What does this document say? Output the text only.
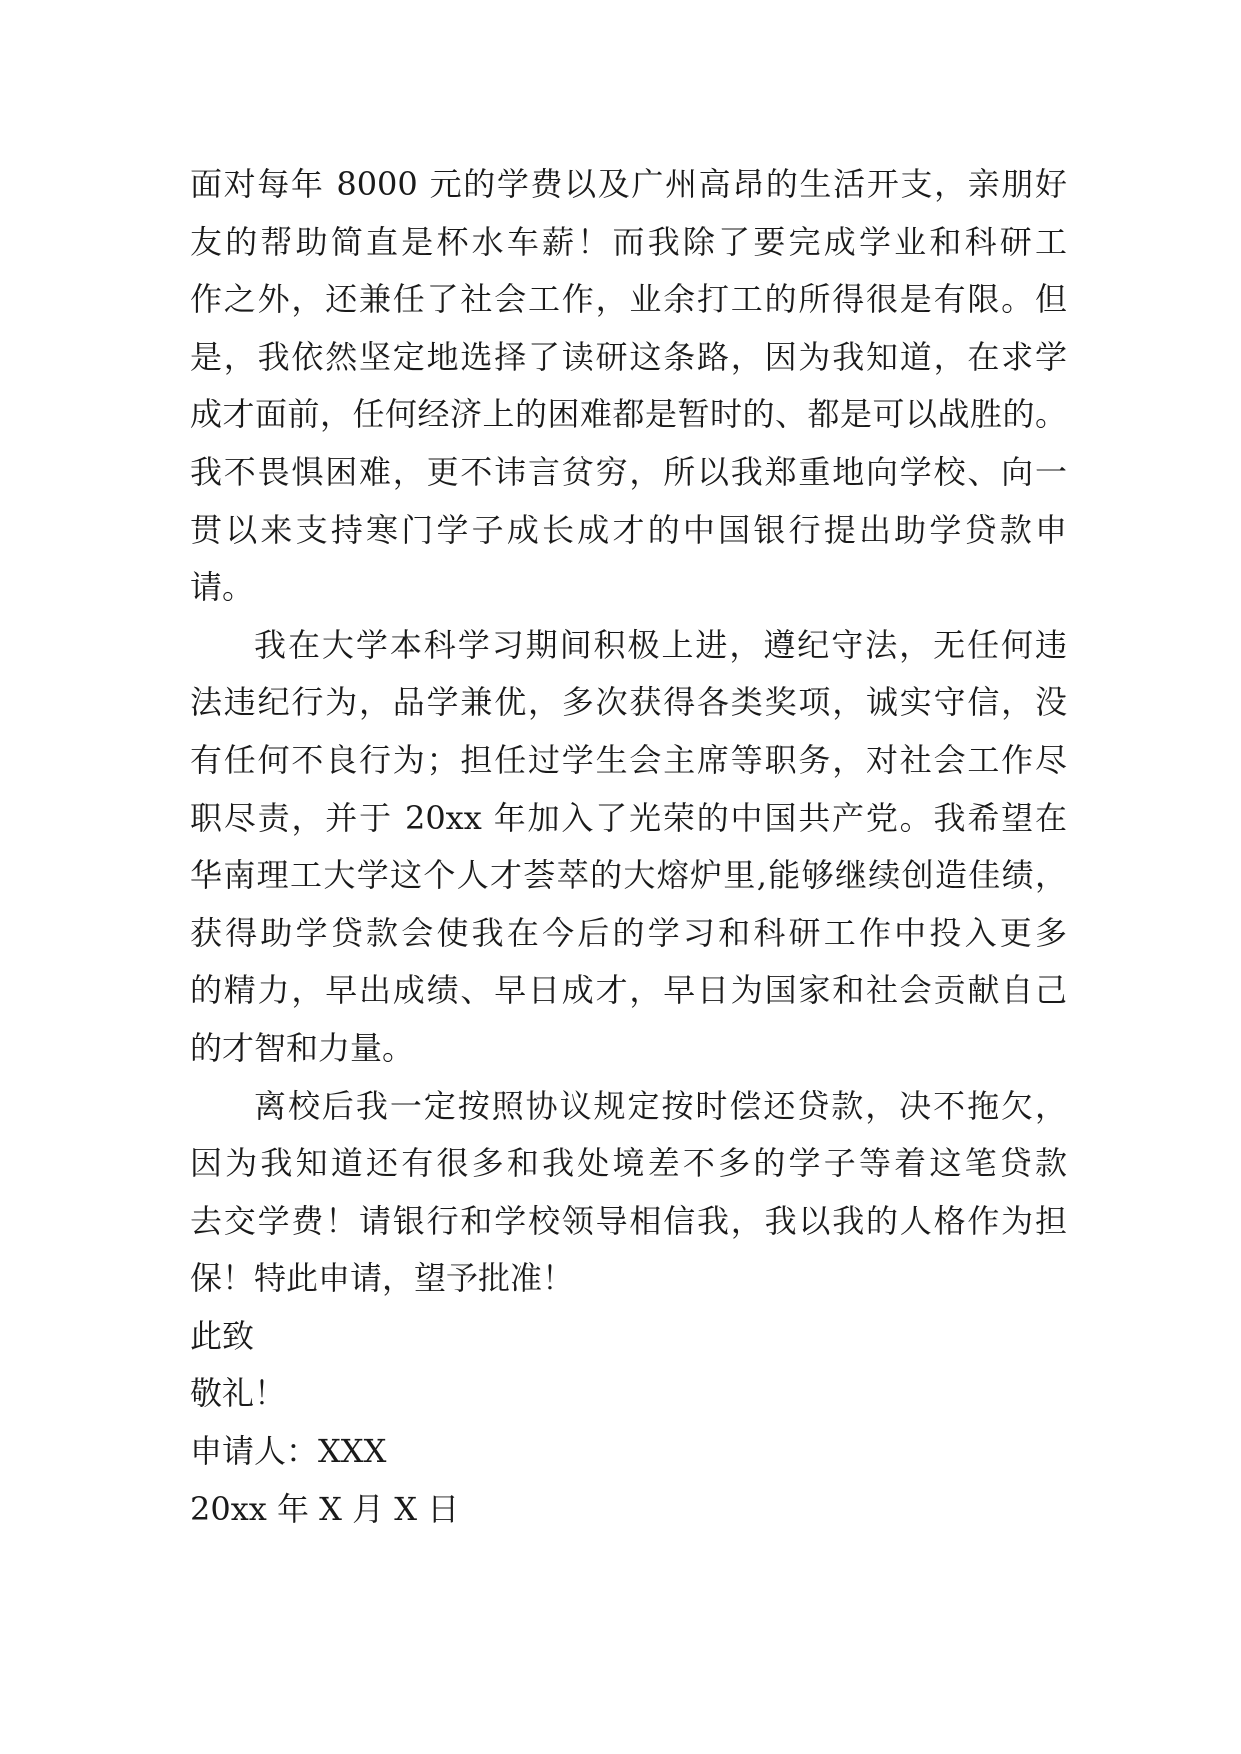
面对每年 8000 元的学费以及广州高昂的生活开支，亲朋好
友的帮助简直是杯水车薪！而我除了要完成学业和科研工
作之外，还兼任了社会工作，业余打工的所得很是有限。但
是，我依然坚定地选择了读研这条路，因为我知道，在求学
成才面前，任何经济上的困难都是暂时的、都是可以战胜的。
我不畏惧困难，更不讳言贫穷，所以我郑重地向学校、向一
贯以来支持寒门学子成长成才的中国银行提出助学贷款申
请。
我在大学本科学习期间积极上进，遵纪守法，无任何违
法违纪行为，品学兼优，多次获得各类奖项，诚实守信，没
有任何不良行为；担任过学生会主席等职务，对社会工作尽
职尽责，并于 20xx 年加入了光荣的中国共产党。我希望在
华南理工大学这个人才荟萃的大熔炉里,能够继续创造佳绩，
获得助学贷款会使我在今后的学习和科研工作中投入更多
的精力，早出成绩、早日成才，早日为国家和社会贡献自己
的才智和力量。
离校后我一定按照协议规定按时偿还贷款，决不拖欠，
因为我知道还有很多和我处境差不多的学子等着这笔贷款
去交学费！请银行和学校领导相信我，我以我的人格作为担
保！特此申请，望予批准！
此致
敬礼！
申请人：XXX
20xx 年 X 月 X 日
